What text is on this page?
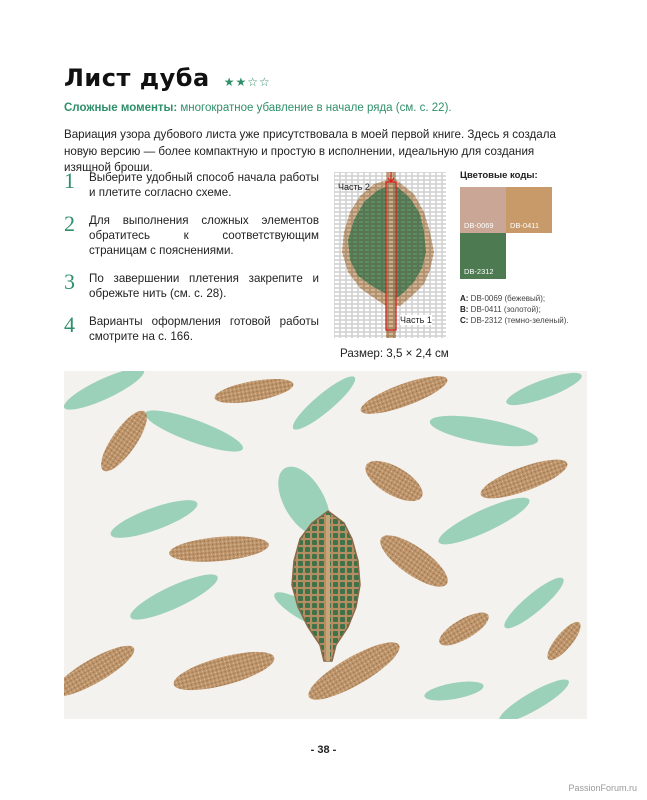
Лист дуба ★★☆☆

Сложные моменты: многократное убавление в начале ряда (см. с. 22).

Вариация узора дубового листа уже присутствовала в моей первой книге. Здесь я создала новую версию — более компактную и простую в исполнении, идеальную для создания изящной броши.

1	Выберите удобный способ начала работы и плетите согласно схеме.
2	Для выполнения сложных элементов обратитесь к соответствующим страницам с пояснениями.
3	По завершении плетения закрепите и обрежьте нить (см. с. 28).
4	Варианты оформления готовой работы смотрите на с. 166.
Часть 2
Часть 1

Размер: 3,5 × 2,4 см

Цветовые коды:

DB-0069 DB-0411
DB-2312
A: DB-0069 (бежевый);
B: DB-0411 (золотой);
C: DB-2312 (темно-зеленый).

- 38 -

PassionForum.ru
